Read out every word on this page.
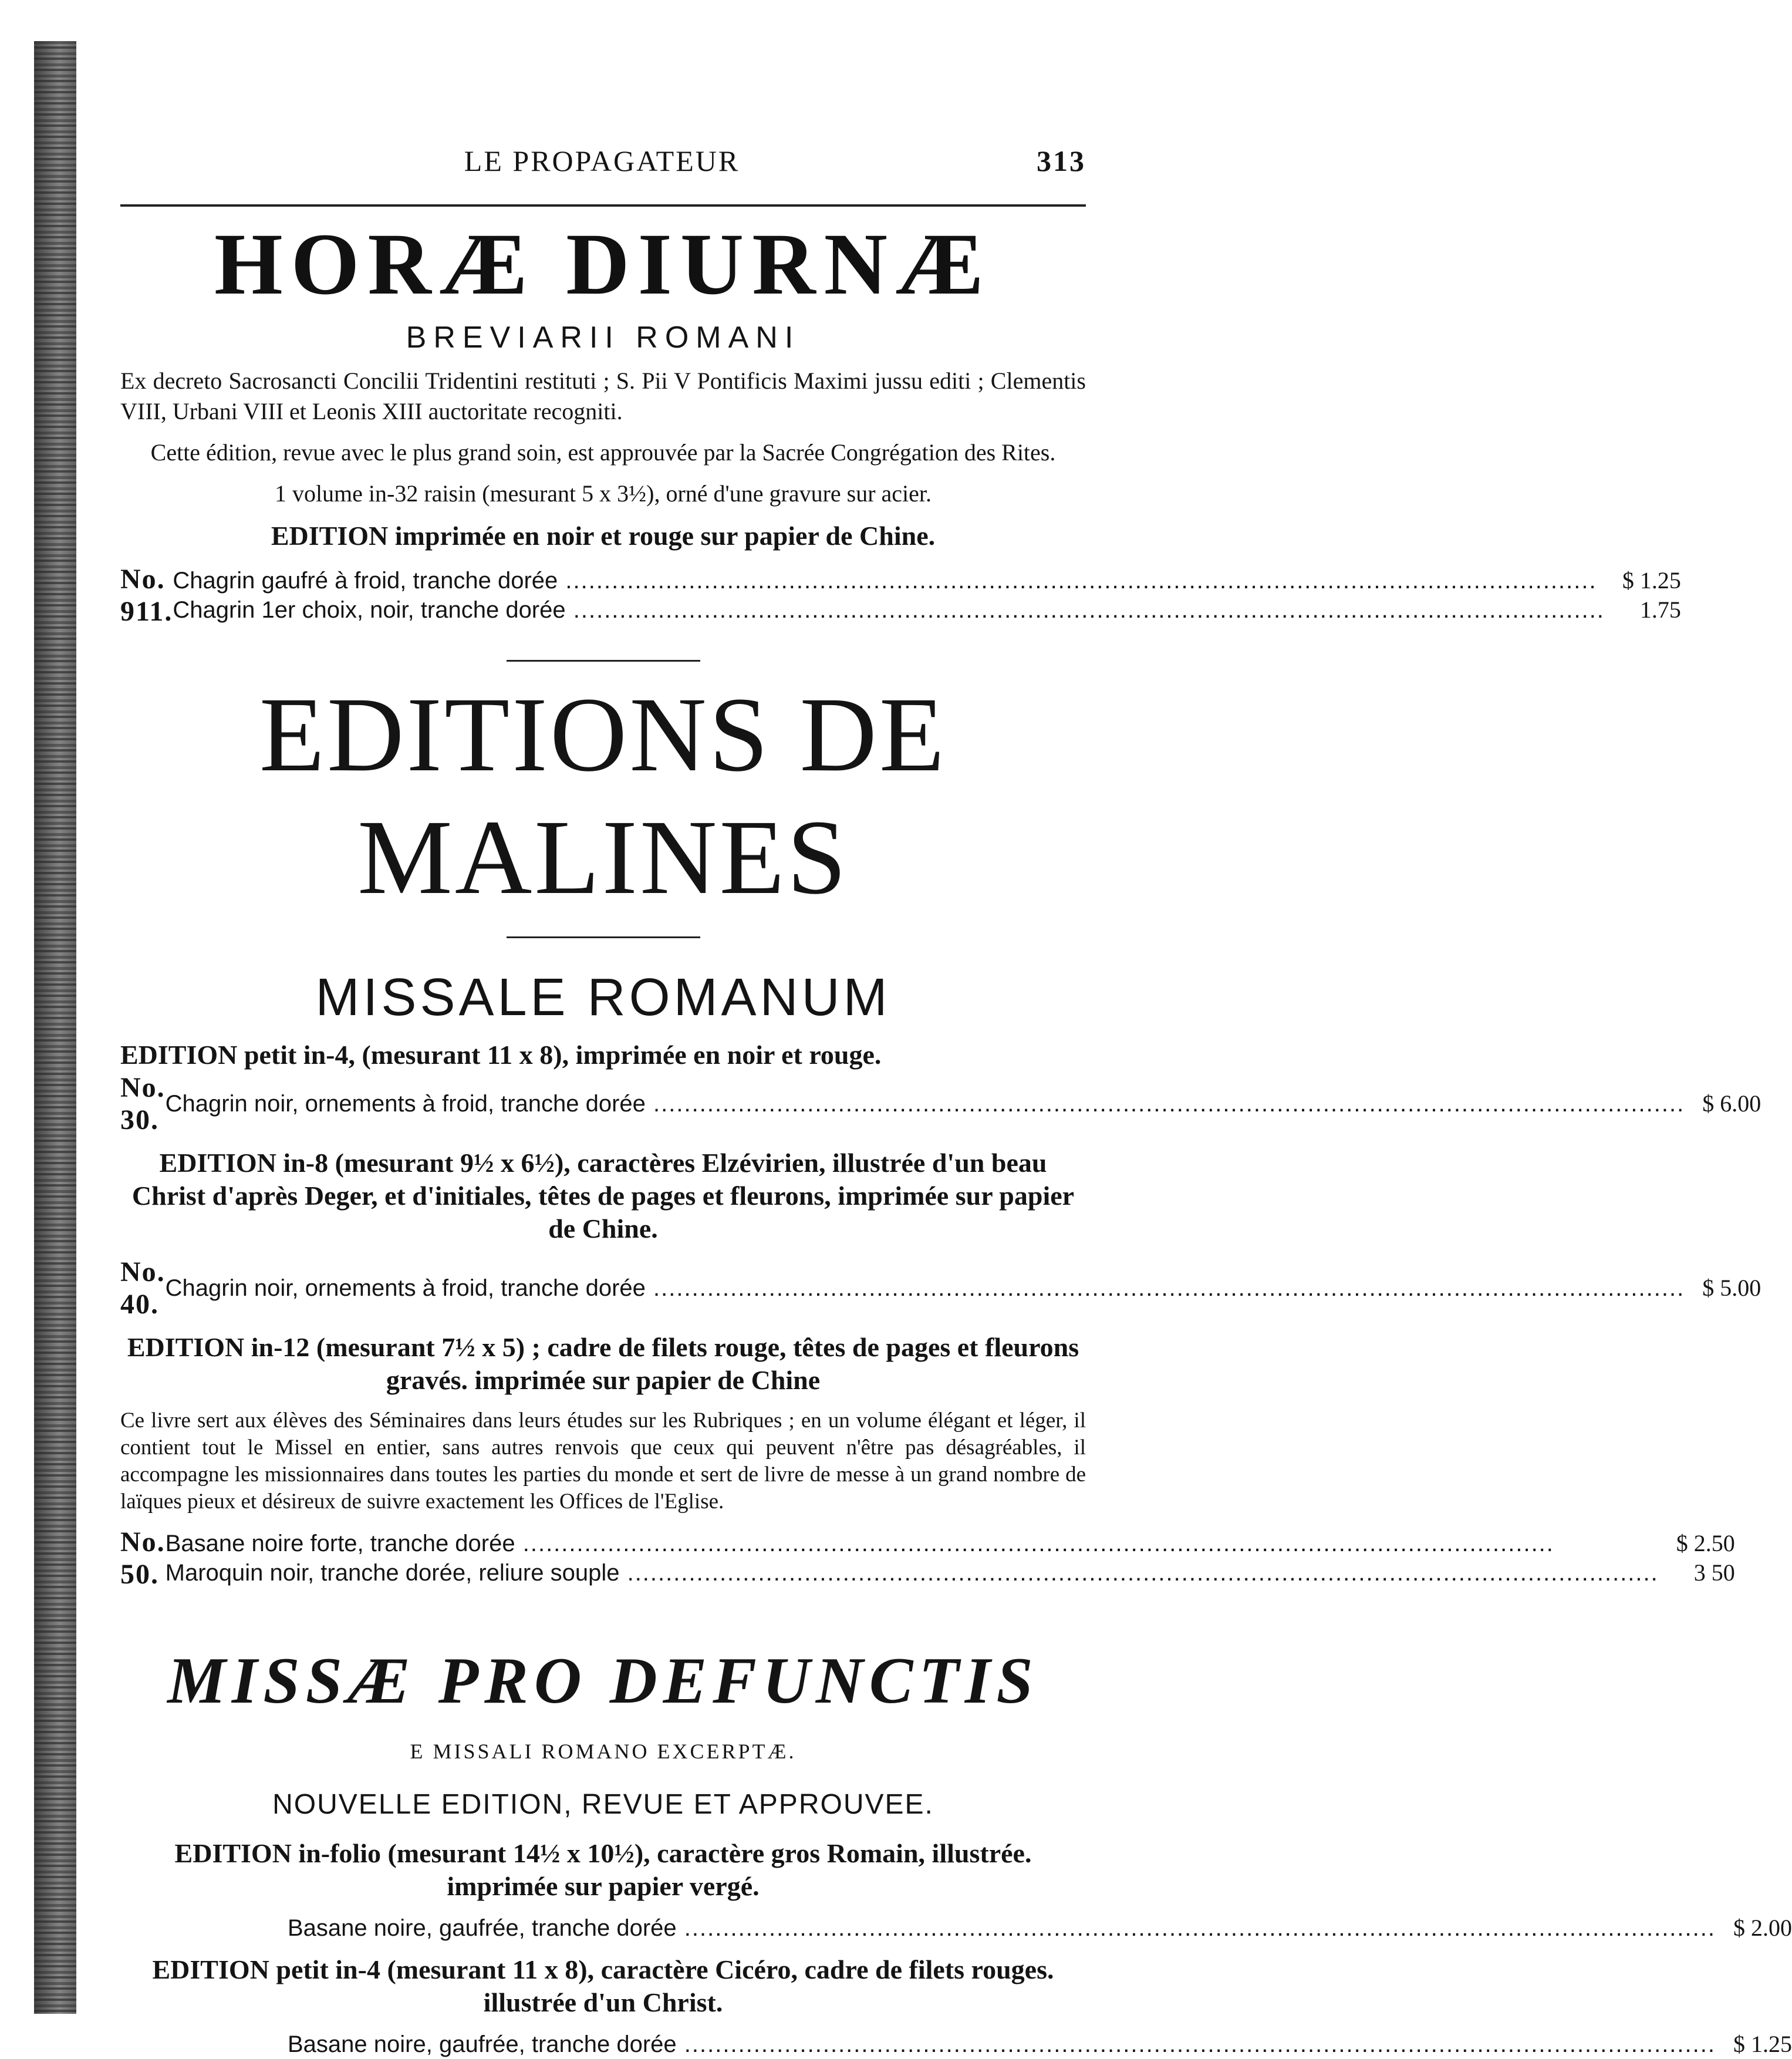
LE PROPAGATEUR	313
HORÆ DIURNÆ
BREVIARII ROMANI
Ex decreto Sacrosancti Concilii Tridentini restituti ; S. Pii V Pontificis Maximi jussu editi ; Clementis VIII, Urbani VIII et Leonis XIII auctoritate recogniti.
Cette édition, revue avec le plus grand soin, est approuvée par la Sacrée Congrégation des Rites.
1 volume in-32 raisin (mesurant 5 x 3½), orné d'une gravure sur acier.
EDITION imprimée en noir et rouge sur papier de Chine.
No. 911.
Chagrin gaufré à froid, tranche dorée .....	$ 1.25
Chagrin 1er choix, noir, tranche dorée .....	1.75
EDITIONS DE MALINES
MISSALE ROMANUM
EDITION petit in-4, (mesurant 11 x 8), imprimée en noir et rouge.
No. 30.
Chagrin noir, ornements à froid, tranche dorée .....	$ 6.00
EDITION in-8 (mesurant 9½ x 6½), caractères Elzévirien, illustrée d'un beau Christ d'après Deger, et d'initiales, têtes de pages et fleurons, imprimée sur papier de Chine.
No. 40.
Chagrin noir, ornements à froid, tranche dorée .....	$ 5.00
EDITION in-12 (mesurant 7½ x 5) ; cadre de filets rouge, têtes de pages et fleurons gravés. imprimée sur papier de Chine
Ce livre sert aux élèves des Séminaires dans leurs études sur les Rubriques ; en un volume élégant et léger, il contient tout le Missel en entier, sans autres renvois que ceux qui peuvent n'être pas désagréables, il accompagne les missionnaires dans toutes les parties du monde et sert de livre de messe à un grand nombre de laïques pieux et désireux de suivre exactement les Offices de l'Eglise.
No. 50.
Basane noire forte, tranche dorée .....	$ 2.50
Maroquin noir, tranche dorée, reliure souple .....	3 50
MISSÆ PRO DEFUNCTIS
E MISSALI ROMANO EXCERPTÆ.
NOUVELLE EDITION, REVUE ET APPROUVEE.
EDITION in-folio (mesurant 14½ x 10½), caractère gros Romain, illustrée. imprimée sur papier vergé.
Basane noire, gaufrée, tranche dorée .....	$ 2.00
EDITION petit in-4 (mesurant 11 x 8), caractère Cicéro, cadre de filets rouges. illustrée d'un Christ.
Basane noire, gaufrée, tranche dorée .....	$ 1.25
